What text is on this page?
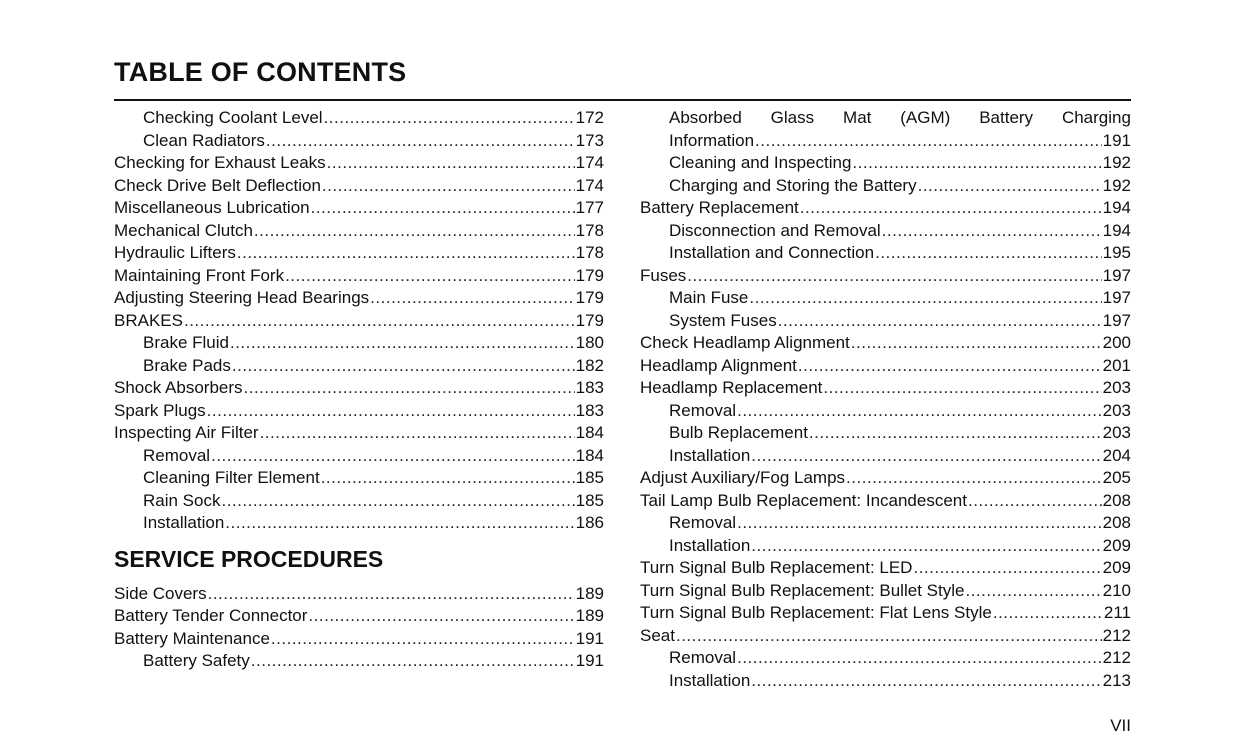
TABLE OF CONTENTS
Checking Coolant Level .....	172
Clean Radiators .....	173
Checking for Exhaust Leaks .....	174
Check Drive Belt Deflection .....	174
Miscellaneous Lubrication .....	177
Mechanical Clutch .....	178
Hydraulic Lifters .....	178
Maintaining Front Fork .....	179
Adjusting Steering Head Bearings .....	179
BRAKES .....	179
Brake Fluid .....	180
Brake Pads .....	182
Shock Absorbers .....	183
Spark Plugs .....	183
Inspecting Air Filter .....	184
Removal .....	184
Cleaning Filter Element .....	185
Rain Sock .....	185
Installation .....	186
SERVICE PROCEDURES
Side Covers .....	189
Battery Tender Connector .....	189
Battery Maintenance .....	191
Battery Safety .....	191
Absorbed Glass Mat (AGM) Battery Charging
Information .....	191
Cleaning and Inspecting .....	192
Charging and Storing the Battery .....	192
Battery Replacement .....	194
Disconnection and Removal .....	194
Installation and Connection .....	195
Fuses .....	197
Main Fuse .....	197
System Fuses .....	197
Check Headlamp Alignment .....	200
Headlamp Alignment .....	201
Headlamp Replacement .....	203
Removal .....	203
Bulb Replacement .....	203
Installation .....	204
Adjust Auxiliary/Fog Lamps .....	205
Tail Lamp Bulb Replacement: Incandescent .....	208
Removal .....	208
Installation .....	209
Turn Signal Bulb Replacement: LED .....	209
Turn Signal Bulb Replacement: Bullet Style .....	210
Turn Signal Bulb Replacement: Flat Lens Style .....	211
Seat .....	212
Removal .....	212
Installation .....	213
VII
